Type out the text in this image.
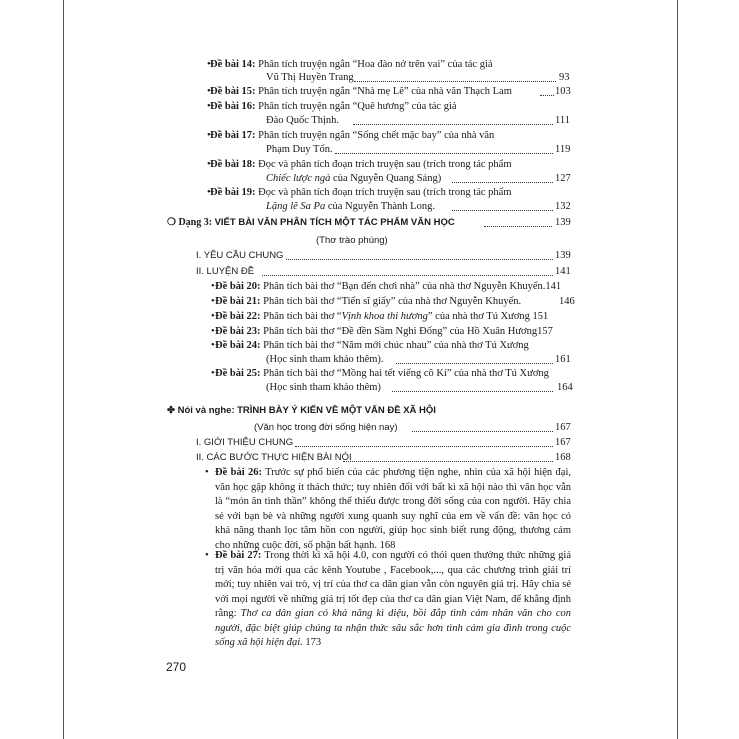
• Đề bài 14: Phân tích truyện ngắn “Hoa đào nở trên vai” của tác giả
Vũ Thị Huyền Trang	93
• Đề bài 15: Phân tích truyện ngắn “Nhà mẹ Lê” của nhà văn Thạch Lam	103
• Đề bài 16: Phân tích truyện ngắn “Quê hương” của tác giả
Đào Quốc Thịnh.	111
• Đề bài 17: Phân tích truyện ngắn “Sống chết mặc bay” của nhà văn
Phạm Duy Tốn.	119
• Đề bài 18: Đọc và phân tích đoạn trích truyện sau (trích trong tác phẩm
Chiếc lược ngà của Nguyễn Quang Sáng)	127
• Đề bài 19: Đọc và phân tích đoạn trích truyện sau (trích trong tác phẩm
Lặng lẽ Sa Pa của Nguyễn Thành Long.	132
❍ Dạng 3: VIẾT BÀI VĂN PHÂN TÍCH MỘT TÁC PHẨM VĂN HỌC	139
(Thơ trào phúng)
I. YÊU CẦU CHUNG	139
II. LUYỆN ĐỀ	141
• Đề bài 20: Phân tích bài thơ “Bạn đến chơi nhà” của nhà thơ Nguyễn Khuyến.141
• Đề bài 21: Phân tích bài thơ “Tiến sĩ giấy” của nhà thơ Nguyễn Khuyến.	146
• Đề bài 22: Phân tích bài thơ “Vịnh khoa thi hương” của nhà thơ Tú Xương 151
• Đề bài 23: Phân tích bài thơ “Đề đền Sầm Nghi Đống” của Hồ Xuân Hương157
• Đề bài 24: Phân tích bài thơ “Năm mới chúc nhau” của nhà thơ Tú Xương
(Học sinh tham khảo thêm).	161
• Đề bài 25: Phân tích bài thơ “Mồng hai tết viếng cô Kí” của nhà thơ Tú Xương
(Học sinh tham khảo thêm)	164
✤ Nói và nghe: TRÌNH BÀY Ý KIẾN VỀ MỘT VẤN ĐỀ XÃ HỘI
(Văn học trong đời sống hiện nay)	167
I. GIỚI THIỆU CHUNG	167
II. CÁC BƯỚC THỰC HIỆN BÀI NÓI	168
• Đề bài 26: Trước sự phổ biến của các phương tiện nghe, nhìn của xã hội hiện đại, văn học gặp không ít thách thức; tuy nhiên đối với bất kì xã hội nào thì văn học vẫn là “món ăn tinh thần” không thể thiếu được trong đời sống của con người. Hãy chia sẻ với bạn bè và những người xung quanh suy nghĩ của em về vấn đề: văn học có khả năng thanh lọc tâm hồn con người, giúp học sinh biết rung động, thương cảm cho những cuộc đời, số phận bất hạnh. 168
• Đề bài 27: Trong thời kì xã hội 4.0, con người có thói quen thưởng thức những giá trị văn hóa mới qua các kênh Youtube , Facebook,..., qua các chương trình giải trí mới; tuy nhiên vai trò, vị trí của thơ ca dân gian vẫn còn nguyên giá trị. Hãy chia sẻ với mọi người về những giá trị tốt đẹp của thơ ca dân gian Việt Nam, để khẳng định rằng: Thơ ca dân gian có khả năng kì diệu, bồi đắp tình cảm nhân văn cho con người, đặc biệt giúp chúng ta nhận thức sâu sắc hơn tình cảm gia đình trong cuộc sống xã hội hiện đại. 173
270
